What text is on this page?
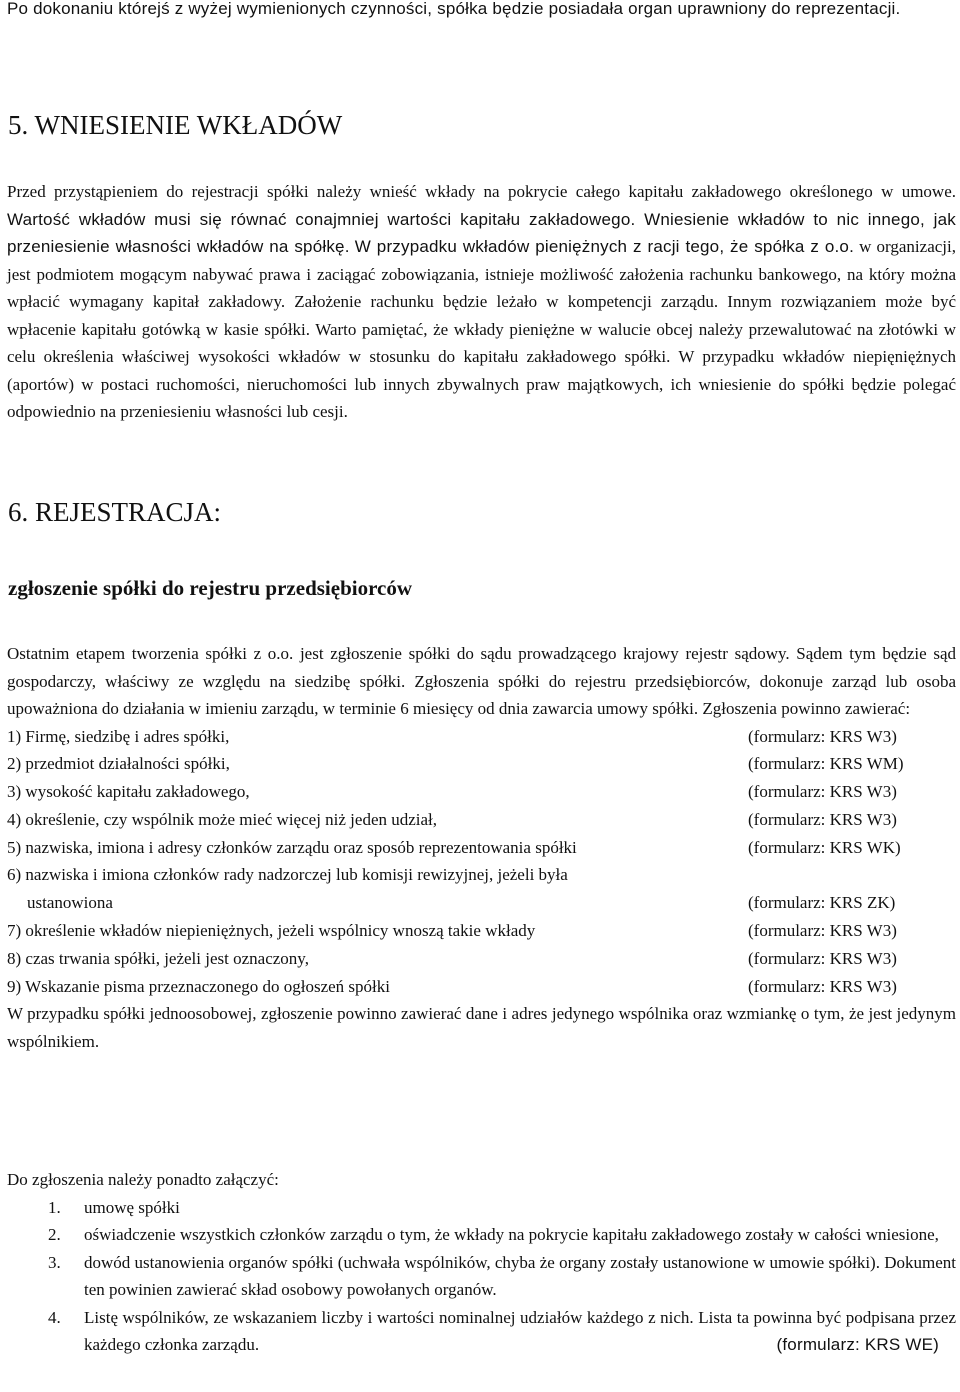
Po dokonaniu którejś z wyżej wymienionych czynności, spółka będzie posiadała organ uprawniony do reprezentacji.

5. WNIESIENIE WKŁADÓW
Przed przystąpieniem do rejestracji spółki należy wnieść wkłady na pokrycie całego kapitału zakładowego określonego w umowe. Wartość wkładów musi się równać conajmniej wartości kapitału zakładowego. Wniesienie wkładów to nic innego, jak przeniesienie własności wkładów na spółkę. W przypadku wkładów pieniężnych z racji tego, że spółka z o.o. w organizacji, jest podmiotem mogącym nabywać prawa i zaciągać zobowiązania, istnieje możliwość założenia rachunku bankowego, na który można wpłacić wymagany kapitał zakładowy. Założenie rachunku będzie leżało w kompetencji zarządu. Innym rozwiązaniem może być wpłacenie kapitału gotówką w kasie spółki. Warto pamiętać, że wkłady pieniężne w walucie obcej należy przewalutować na złotówki w celu określenia właściwej wysokości wkładów w stosunku do kapitału zakładowego spółki. W przypadku wkładów niepięniężnych (aportów) w postaci ruchomości, nieruchomości lub innych zbywalnych praw majątkowych, ich wniesienie do spółki będzie polegać odpowiednio na przeniesieniu własności lub cesji.
6. REJESTRACJA:
zgłoszenie spółki do rejestru przedsiębiorców

Ostatnim etapem tworzenia spółki z o.o. jest zgłoszenie spółki do sądu prowadzącego krajowy rejestr sądowy. Sądem tym będzie sąd gospodarczy, właściwy ze względu na siedzibę spółki. Zgłoszenia spółki do rejestru przedsiębiorców, dokonuje zarząd lub osoba upoważniona do działania w imieniu zarządu, w terminie 6 miesięcy od dnia zawarcia umowy spółki. Zgłoszenia powinno zawierać:

1) Firmę, siedzibę i adres spółki,	(formularz: KRS W3)
2) przedmiot działalności spółki,	(formularz: KRS WM)
3) wysokość kapitału zakładowego,	(formularz: KRS W3)
4) określenie, czy wspólnik może mieć więcej niż jeden udział,	(formularz: KRS W3)
5) nazwiska, imiona i adresy członków zarządu oraz sposób reprezentowania spółki	(formularz: KRS WK)
6) nazwiska i imiona członków rady nadzorczej lub komisji rewizyjnej, jeżeli była
ustanowiona	(formularz: KRS ZK)
7) określenie wkładów niepieniężnych, jeżeli wspólnicy wnoszą takie wkłady	(formularz: KRS W3)
8) czas trwania spółki, jeżeli jest oznaczony,	(formularz: KRS W3)
9) Wskazanie pisma przeznaczonego do ogłoszeń spółki	(formularz: KRS W3)

W przypadku spółki jednoosobowej, zgłoszenie powinno zawierać dane i adres jedynego wspólnika oraz wzmiankę o tym, że jest jedynym wspólnikiem.

Do zgłoszenia należy ponadto załączyć:

1. umowę spółki
2. oświadczenie wszystkich członków zarządu o tym, że wkłady na pokrycie kapitału zakładowego zostały w całości wniesione,
3. dowód ustanowienia organów spółki (uchwała wspólników, chyba że organy zostały ustanowione w umowie spółki). Dokument ten powinien zawierać skład osobowy powołanych organów.
4. Listę wspólników, ze wskazaniem liczby i wartości nominalnej udziałów każdego z nich. Lista ta powinna być podpisana przez każdego członka zarządu.	(formularz: KRS WE)
